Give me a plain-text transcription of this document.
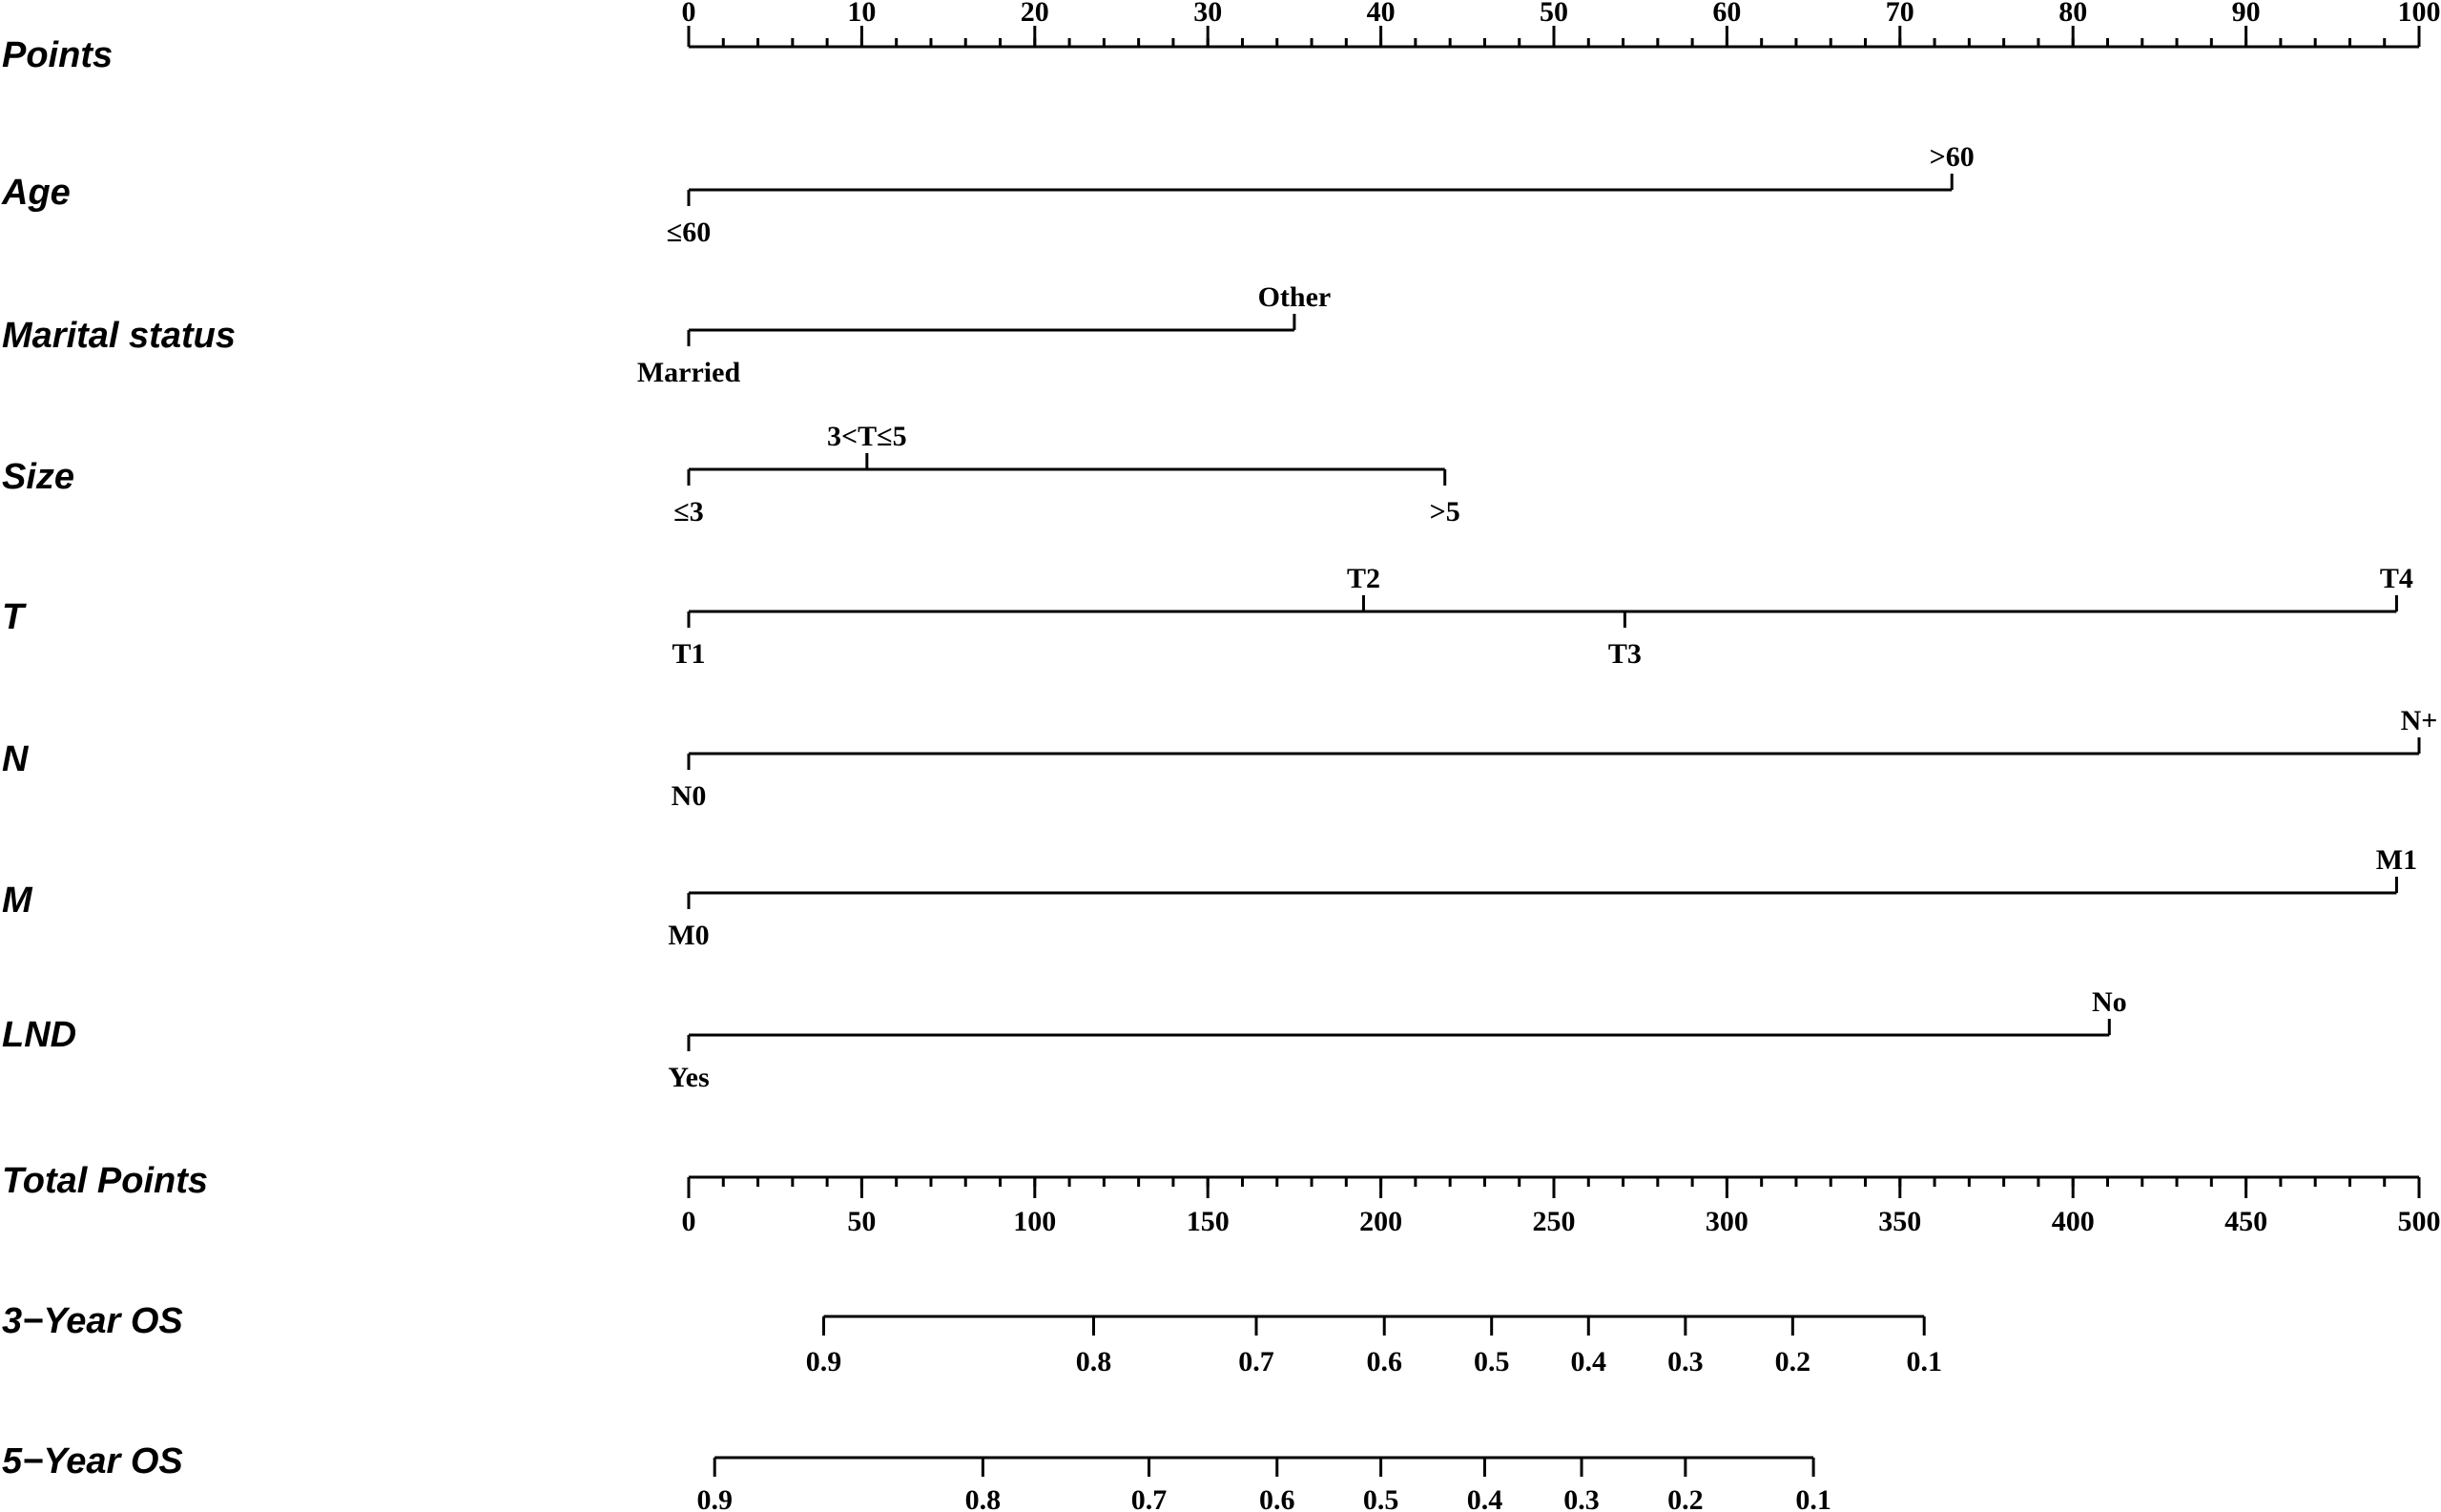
Points
0	10	20	30	40	50	60	70	80	90	100
Age
≤60
>60
Marital status
Married
Other
Size
≤3
3<T≤5
>5
T
T1
T2
T3
T4
N
N0
N+
M
M0
M1
LND
Yes
No
Total Points
0	50	100	150	200	250	300	350	400	450	500
3−Year OS
0.9	0.8	0.7	0.6 0.5 0.4 0.3 0.2	0.1
5−Year OS
0.9	0.8	0.7	0.6 0.5 0.4 0.3 0.2	0.1
